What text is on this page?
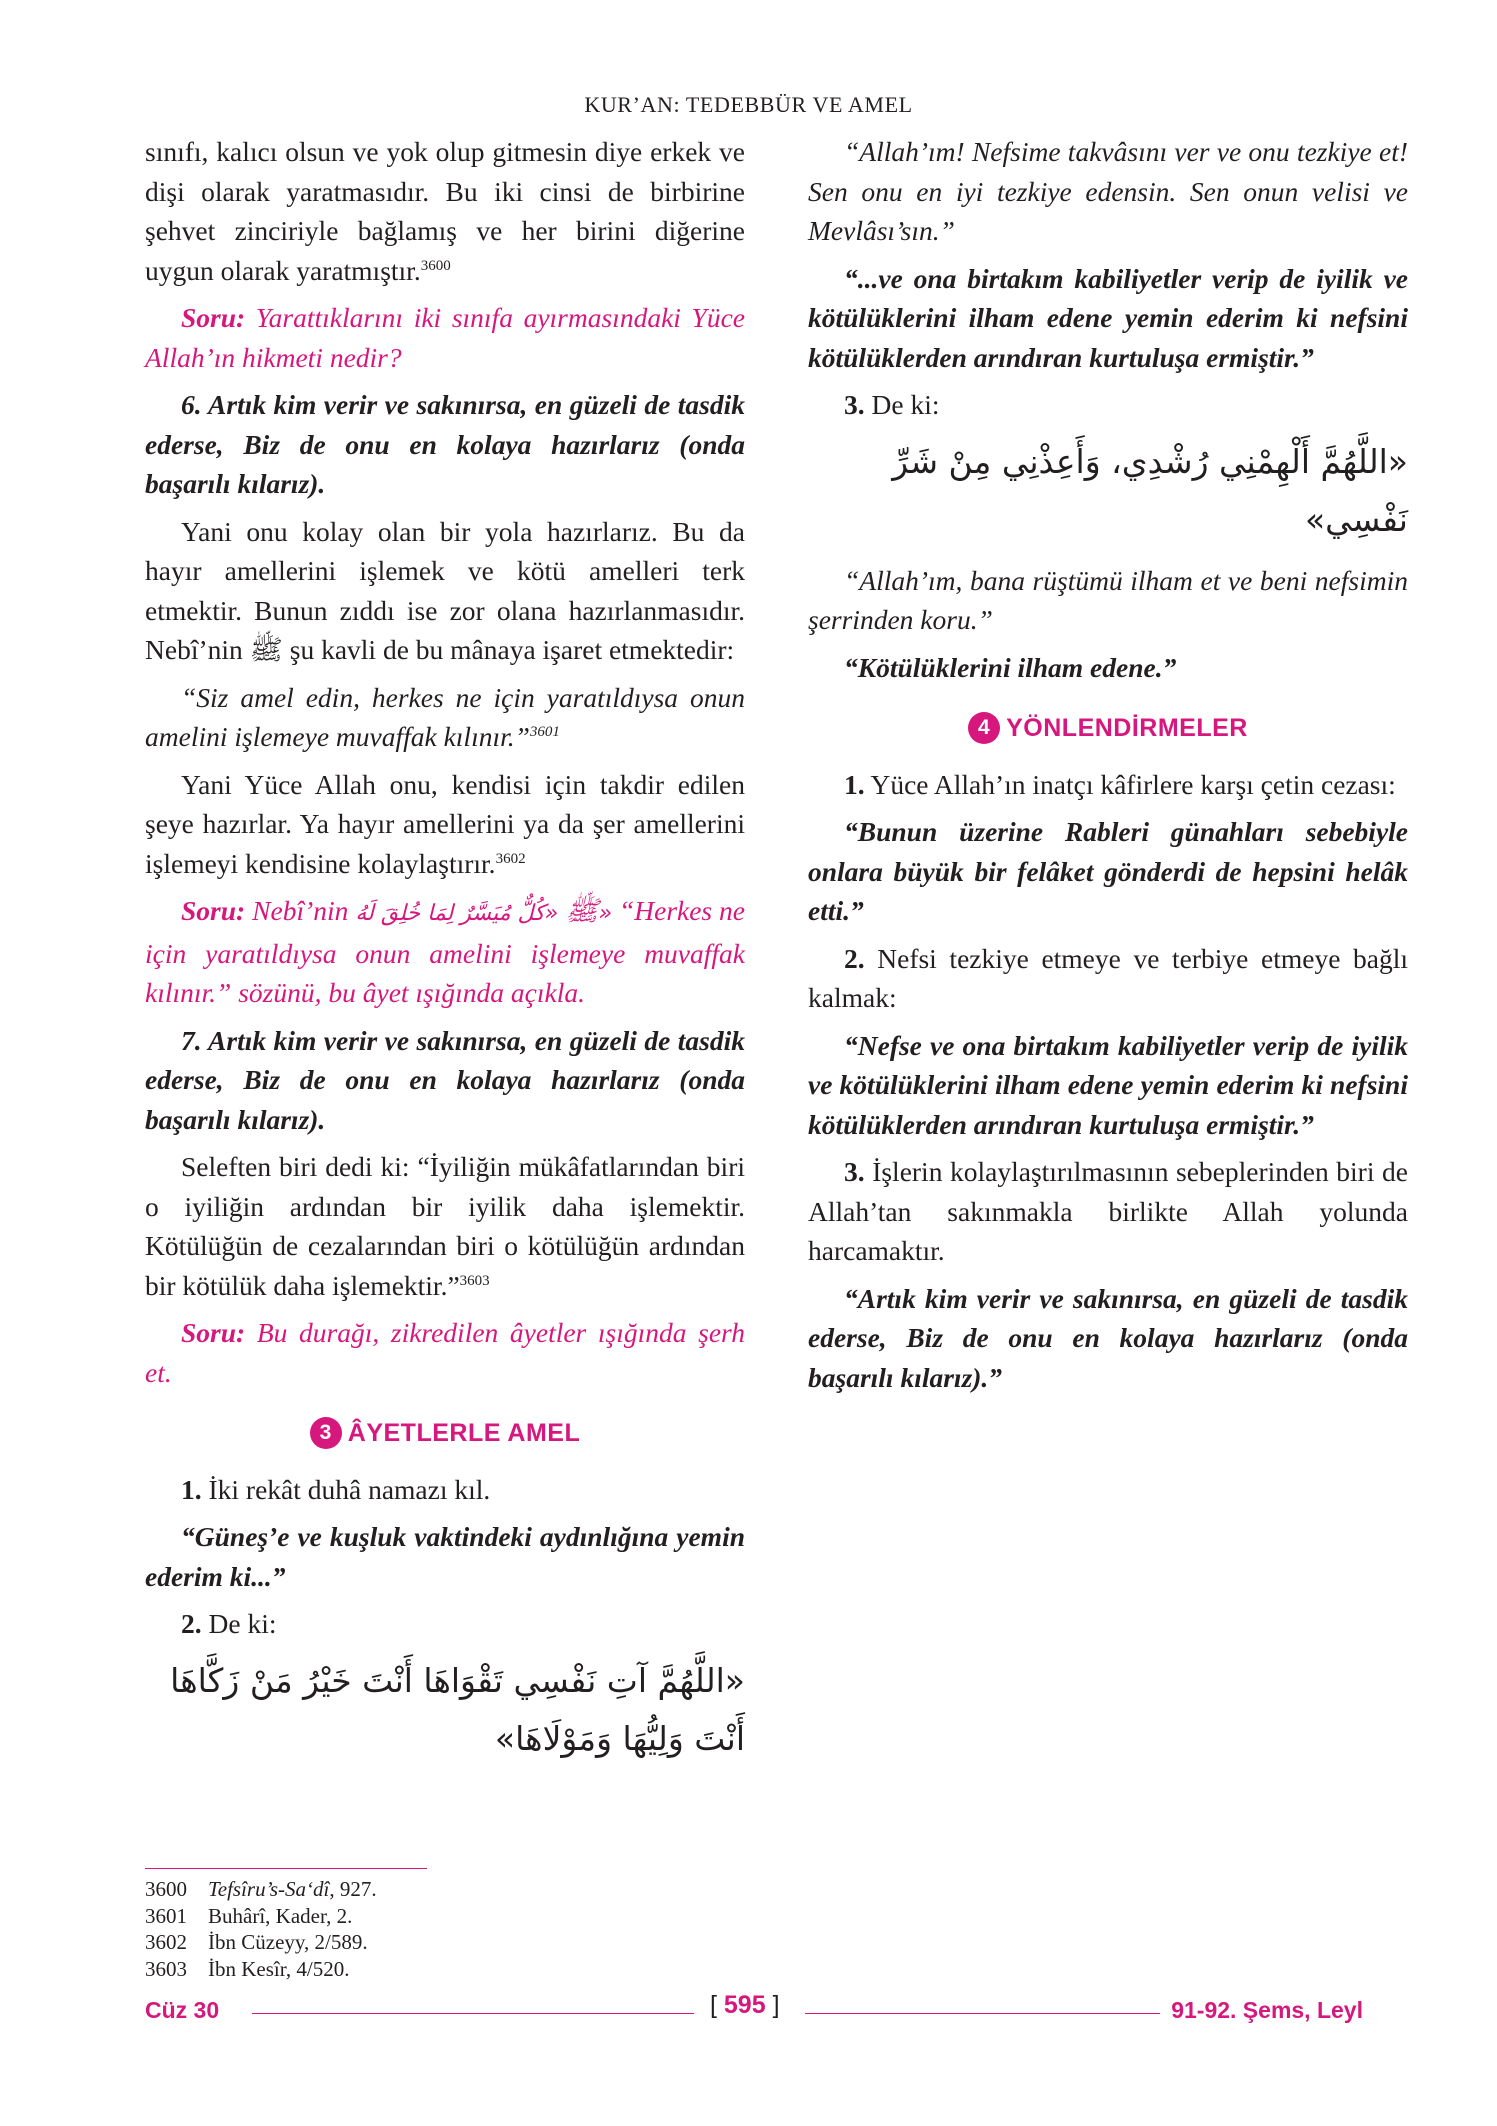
KUR’AN: TEDEBBÜR VE AMEL

sınıfı, kalıcı olsun ve yok olup gitmesin diye erkek ve dişi olarak yaratmasıdır. Bu iki cinsi de birbirine şehvet zinciriyle bağlamış ve her birini diğerine uygun olarak yaratmıştır.$^{3600}$

Soru: Yarattıklarını iki sınıfa ayırmasındaki Yüce Allah’ın hikmeti nedir?

6. Artık kim verir ve sakınırsa, en güzeli de tasdik ederse, Biz de onu en kolaya hazırlarız (onda başarılı kılarız).

Yani onu kolay olan bir yola hazırlarız. Bu da hayır amellerini işlemek ve kötü amelleri terk etmektir. Bunun zıddı ise zor olana hazırlanmasıdır. Nebî’nin ﷺ şu kavli de bu mânaya işaret etmektedir:

“Siz amel edin, herkes ne için yaratıldıysa onun amelini işlemeye muvaffak kılınır.”$^{3601}$

Yani Yüce Allah onu, kendisi için takdir edilen şeye hazırlar. Ya hayır amellerini ya da şer amellerini işlemeyi kendisine kolaylaştırır.$^{3602}$

Soru: Nebî’nin ﷺ «كُلٌّ مُيَسَّرٌ لِمَا خُلِقَ لَهُ» “Herkes ne için yaratıldıysa onun amelini işlemeye muvaffak kılınır.” sözünü, bu âyet ışığında açıkla.

7. Artık kim verir ve sakınırsa, en güzeli de tasdik ederse, Biz de onu en kolaya hazırlarız (onda başarılı kılarız).

Seleften biri dedi ki: “İyiliğin mükâfatlarından biri o iyiliğin ardından bir iyilik daha işlemektir. Kötülüğün de cezalarından biri o kötülüğün ardından bir kötülük daha işlemektir.”$^{3603}$

Soru: Bu durağı, zikredilen âyetler ışığında şerh et.

3 ÂYETLERLE AMEL

1. İki rekât duhâ namazı kıl.

“Güneş’e ve kuşluk vaktindeki aydınlığına yemin ederim ki...”

2. De ki:

«اللَّهُمَّ آتِ نَفْسِي تَقْوَاهَا أَنْتَ خَيْرُ مَنْ زَكَّاهَا أَنْتَ وَلِيُّهَا وَمَوْلَاهَا»

“Allah’ım! Nefsime takvâsını ver ve onu tezkiye et! Sen onu en iyi tezkiye edensin. Sen onun velisi ve Mevlâsı’sın.”

“...ve ona birtakım kabiliyetler verip de iyilik ve kötülüklerini ilham edene yemin ederim ki nefsini kötülüklerden arındıran kurtuluşa ermiştir.”

3. De ki:

«اللَّهُمَّ أَلْهِمْنِي رُشْدِي، وَأَعِذْنِي مِنْ شَرِّ نَفْسِي»

“Allah’ım, bana rüştümü ilham et ve beni nefsimin şerrinden koru.”

“Kötülüklerini ilham edene.”

4 YÖNLENDİRMELER

1. Yüce Allah’ın inatçı kâfirlere karşı çetin cezası:

“Bunun üzerine Rableri günahları sebebiyle onlara büyük bir felâket gönderdi de hepsini helâk etti.”

2. Nefsi tezkiye etmeye ve terbiye etmeye bağlı kalmak:

“Nefse ve ona birtakım kabiliyetler verip de iyilik ve kötülüklerini ilham edene yemin ederim ki nefsini kötülüklerden arındıran kurtuluşa ermiştir.”

3. İşlerin kolaylaştırılmasının sebeplerinden biri de Allah’tan sakınmakla birlikte Allah yolunda harcamaktır.

“Artık kim verir ve sakınırsa, en güzeli de tasdik ederse, Biz de onu en kolaya hazırlarız (onda başarılı kılarız).”

3600	Tefsîru’s-Sa‘dî, 927.
3601	Buhârî, Kader, 2.
3602	İbn Cüzeyy, 2/589.
3603	İbn Kesîr, 4/520.
Cüz 30	[ 595 ]	91-92. Şems, Leyl
